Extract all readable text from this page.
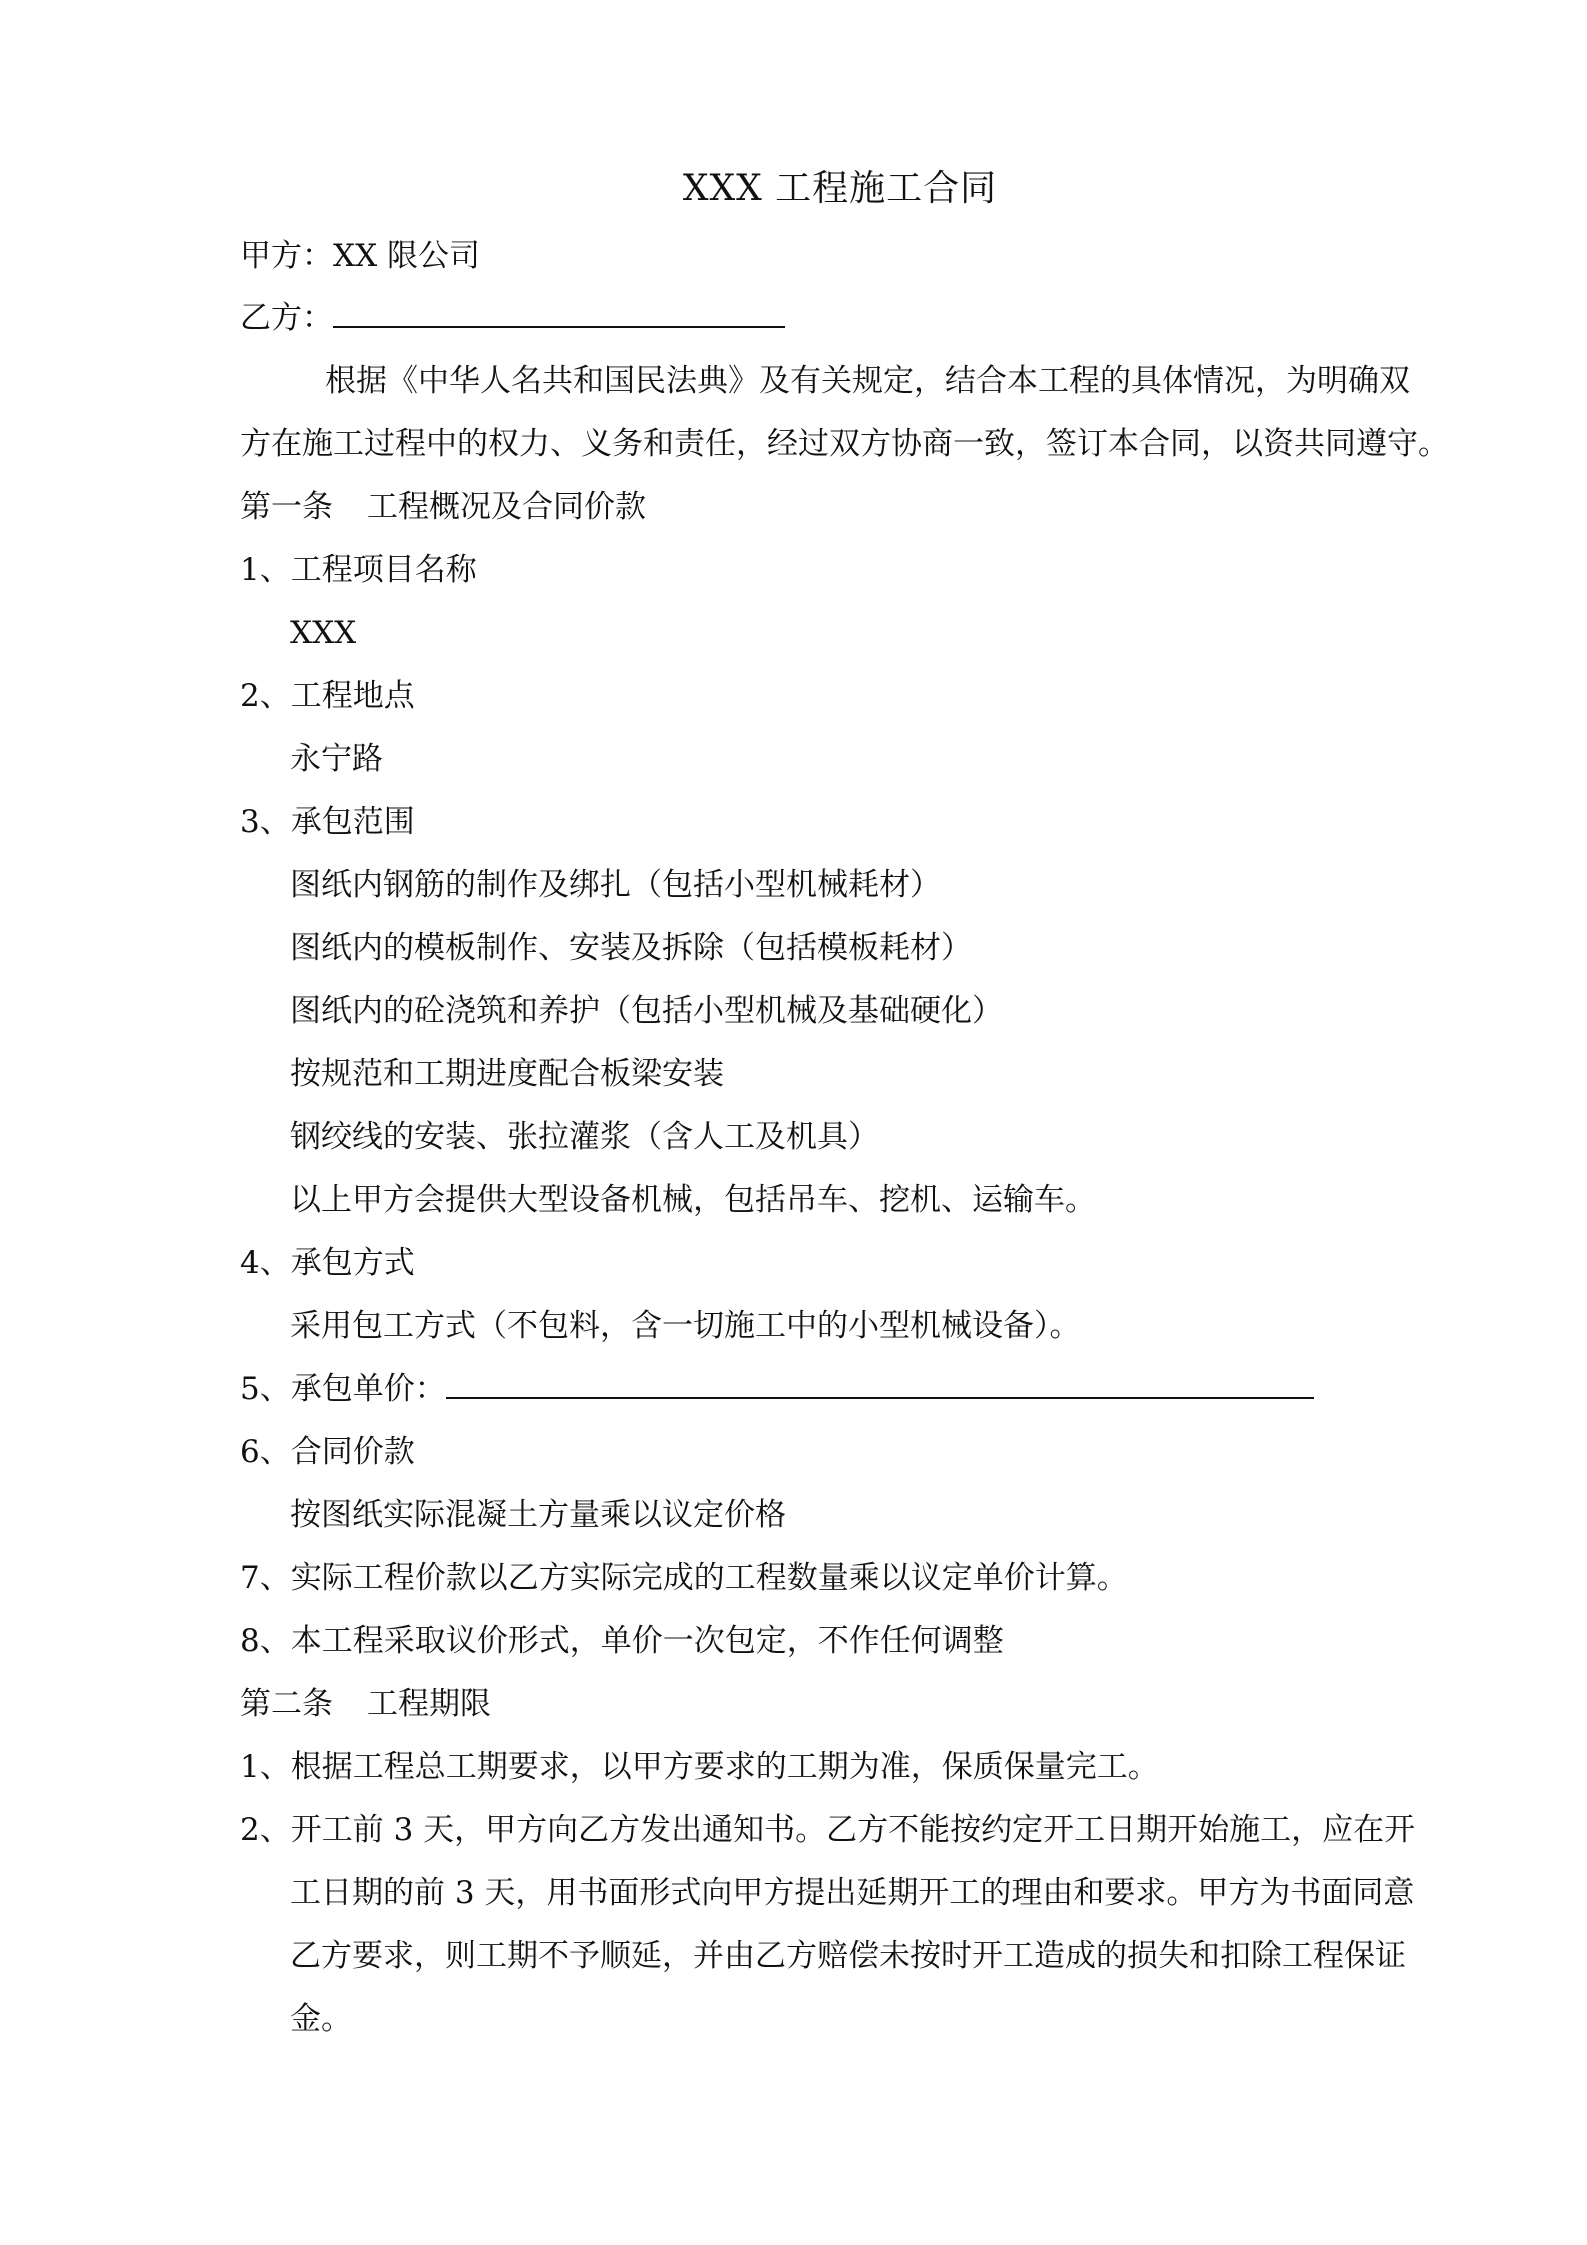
XXX 工程施工合同
甲方：XX 限公司
乙方：
根据《中华人名共和国民法典》及有关规定，结合本工程的具体情况，为明确双
方在施工过程中的权力、义务和责任，经过双方协商一致，签订本合同，以资共同遵守。
第一条 工程概况及合同价款
1、工程项目名称
XXX
2、工程地点
永宁路
3、承包范围
图纸内钢筋的制作及绑扎（包括小型机械耗材）
图纸内的模板制作、安装及拆除（包括模板耗材）
图纸内的砼浇筑和养护（包括小型机械及基础硬化）
按规范和工期进度配合板梁安装
钢绞线的安装、张拉灌浆（含人工及机具）
以上甲方会提供大型设备机械，包括吊车、挖机、运输车。
4、承包方式
采用包工方式（不包料，含一切施工中的小型机械设备）。
5、承包单价：
6、合同价款
按图纸实际混凝土方量乘以议定价格
7、实际工程价款以乙方实际完成的工程数量乘以议定单价计算。
8、本工程采取议价形式，单价一次包定，不作任何调整
第二条 工程期限
1、根据工程总工期要求，以甲方要求的工期为准，保质保量完工。
2、开工前 3 天，甲方向乙方发出通知书。乙方不能按约定开工日期开始施工，应在开
工日期的前 3 天，用书面形式向甲方提出延期开工的理由和要求。甲方为书面同意
乙方要求，则工期不予顺延，并由乙方赔偿未按时开工造成的损失和扣除工程保证
金。
